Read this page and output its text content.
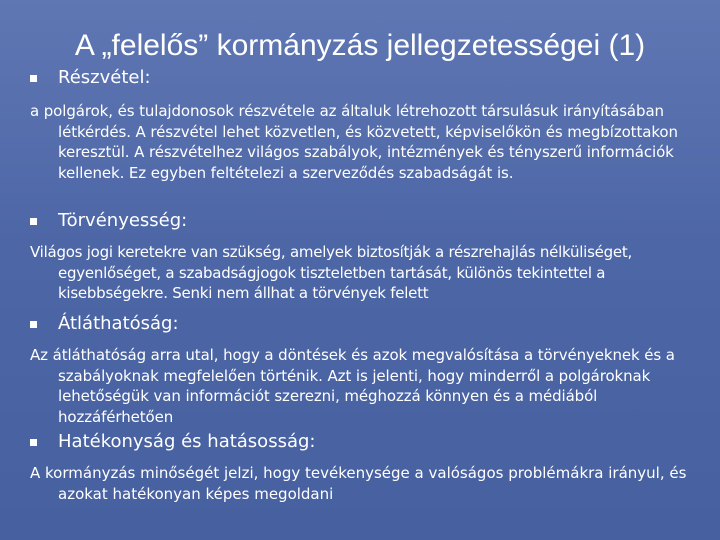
A „felelős” kormányzás jellegzetességei (1)
Részvétel:

a polgárok, és tulajdonosok részvétele az általuk létrehozott társulásuk irányításában létkérdés. A részvétel lehet közvetlen, és közvetett, képviselőkön és megbízottakon keresztül. A részvételhez világos szabályok, intézmények és tényszerű információk kellenek. Ez egyben feltételezi a szerveződés szabadságát is.

Törvényesség:

Világos jogi keretekre van szükség, amelyek biztosítják a részrehajlás nélküliséget, egyenlőséget, a szabadságjogok tiszteletben tartását, különös tekintettel a kisebbségekre. Senki nem állhat a törvények felett

Átláthatóság:

Az átláthatóság arra utal, hogy a döntések és azok megvalósítása a törvényeknek és a szabályoknak megfelelően történik. Azt is jelenti, hogy minderről a polgároknak lehetőségük van információt szerezni, méghozzá könnyen és a médiából hozzáférhetően

Hatékonyság és hatásosság:

A kormányzás minőségét jelzi, hogy tevékenysége a valóságos problémákra irányul, és azokat hatékonyan képes megoldani
